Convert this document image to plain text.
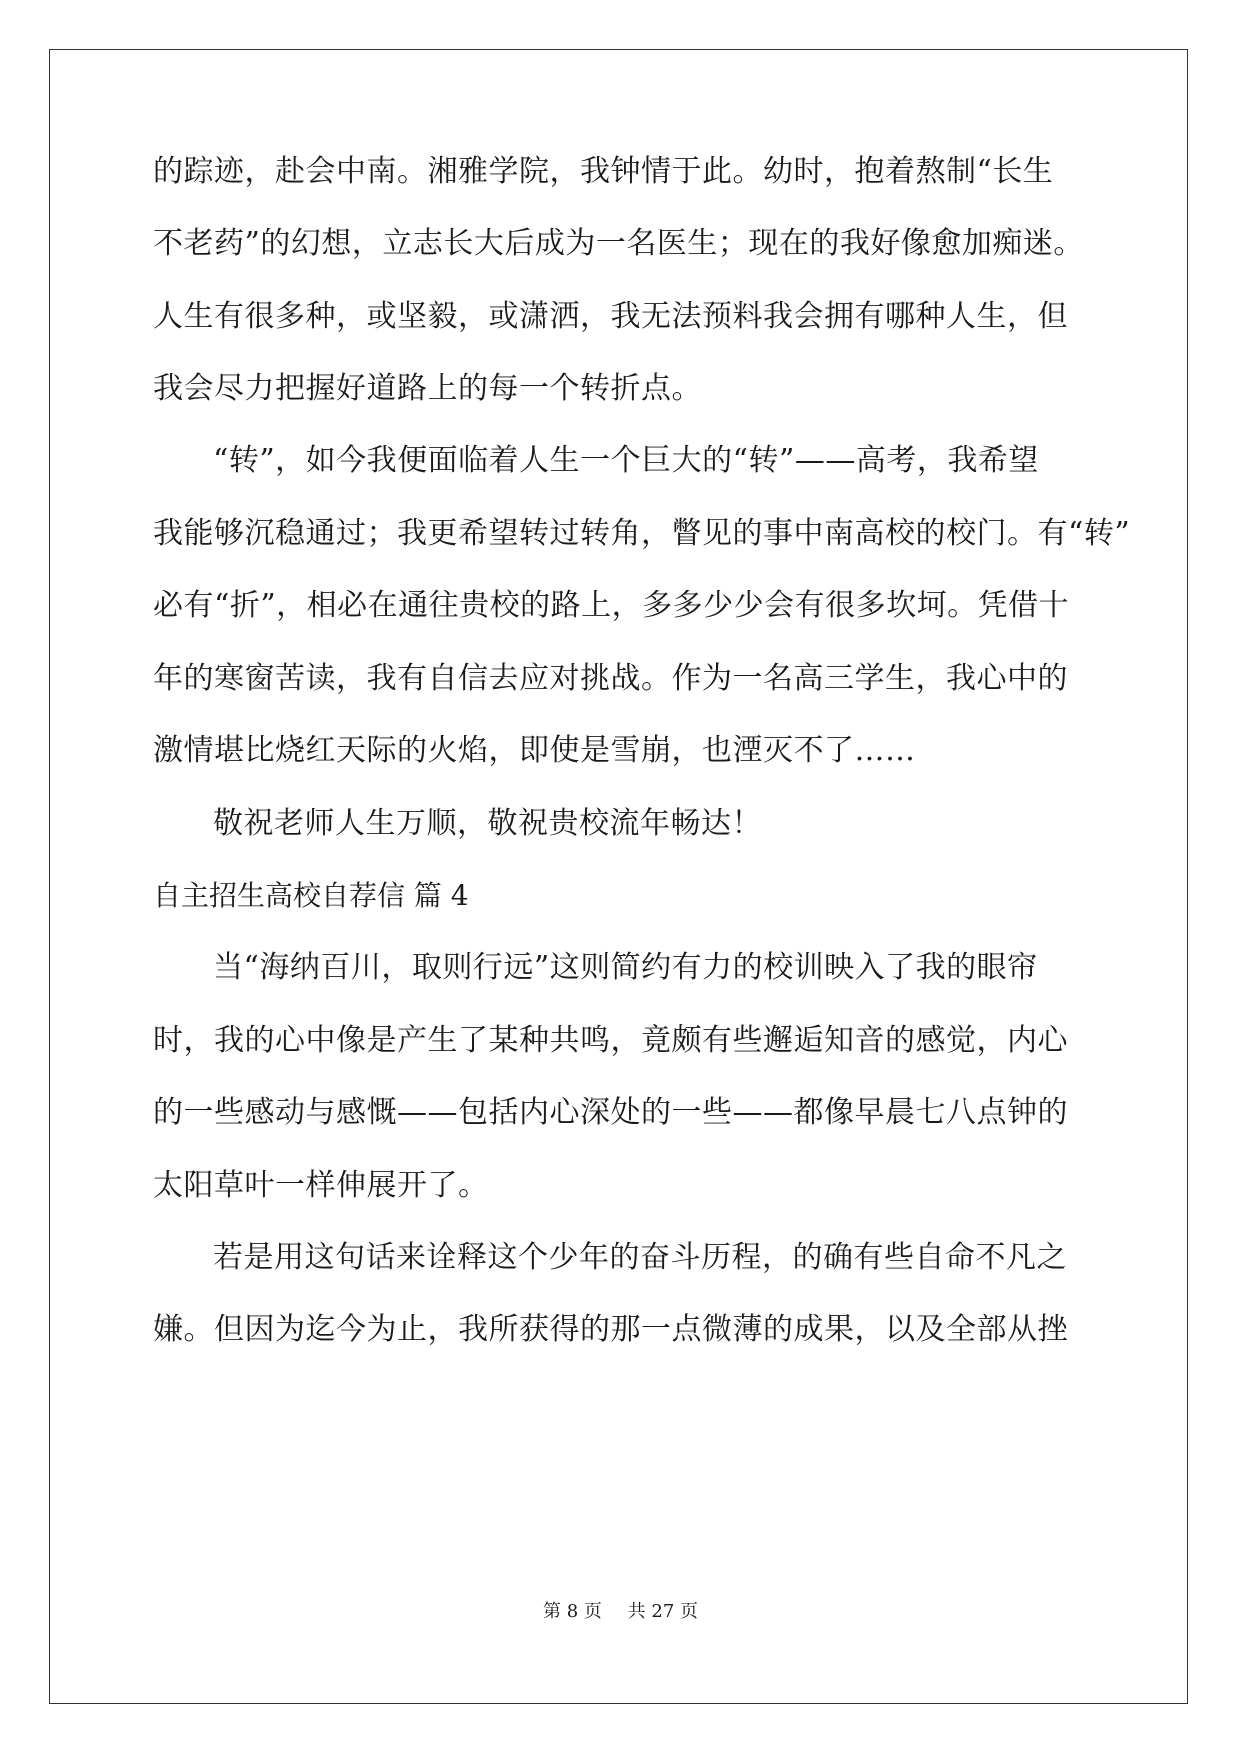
的踪迹，赴会中南。湘雅学院，我钟情于此。幼时，抱着熬制“长生
不老药”的幻想，立志长大后成为一名医生；现在的我好像愈加痴迷。
人生有很多种，或坚毅，或潇洒，我无法预料我会拥有哪种人生，但
我会尽力把握好道路上的每一个转折点。
“转”，如今我便面临着人生一个巨大的“转”——高考，我希望
我能够沉稳通过；我更希望转过转角，瞥见的事中南高校的校门。有“转”
必有“折”，相必在通往贵校的路上，多多少少会有很多坎坷。凭借十
年的寒窗苦读，我有自信去应对挑战。作为一名高三学生，我心中的
激情堪比烧红天际的火焰，即使是雪崩，也湮灭不了……
敬祝老师人生万顺，敬祝贵校流年畅达！
自主招生高校自荐信 篇 4
当“海纳百川，取则行远”这则简约有力的校训映入了我的眼帘
时，我的心中像是产生了某种共鸣，竟颇有些邂逅知音的感觉，内心
的一些感动与感慨——包括内心深处的一些——都像早晨七八点钟的
太阳草叶一样伸展开了。
若是用这句话来诠释这个少年的奋斗历程，的确有些自命不凡之
嫌。但因为迄今为止，我所获得的那一点微薄的成果，以及全部从挫
第 8 页 共 27 页
